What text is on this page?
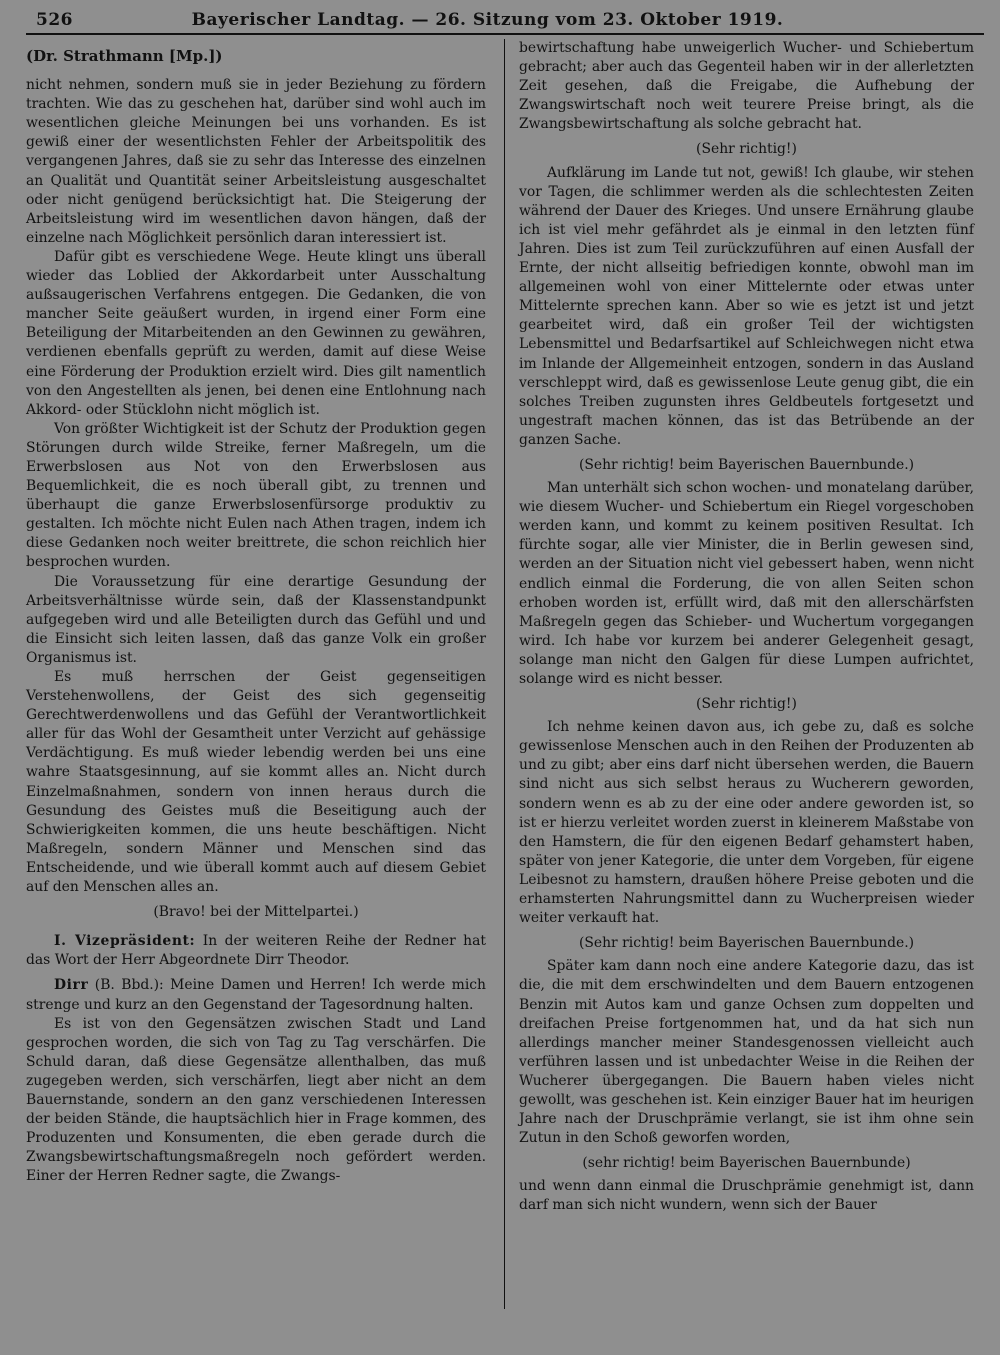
526	Bayerischer Landtag. — 26. Sitzung vom 23. Oktober 1919.
(Dr. Strathmann [Mp.])

nicht nehmen, sondern muß sie in jeder Beziehung zu fördern trachten. Wie das zu geschehen hat, darüber sind wohl auch im wesentlichen gleiche Meinungen bei uns vorhanden. Es ist gewiß einer der wesentlichsten Fehler der Arbeitspolitik des vergangenen Jahres, daß sie zu sehr das Interesse des einzelnen an Qualität und Quantität seiner Arbeitsleistung ausgeschaltet oder nicht genügend berücksichtigt hat. Die Steigerung der Arbeitsleistung wird im wesentlichen davon hängen, daß der einzelne nach Möglichkeit persönlich daran interessiert ist.

Dafür gibt es verschiedene Wege. Heute klingt uns überall wieder das Loblied der Akkordarbeit unter Ausschaltung außsaugerischen Verfahrens entgegen. Die Gedanken, die von mancher Seite geäußert wurden, in irgend einer Form eine Beteiligung der Mitarbeitenden an den Gewinnen zu gewähren, verdienen ebenfalls geprüft zu werden, damit auf diese Weise eine Förderung der Produktion erzielt wird. Dies gilt namentlich von den Angestellten als jenen, bei denen eine Entlohnung nach Akkord- oder Stücklohn nicht möglich ist.

Von größter Wichtigkeit ist der Schutz der Produktion gegen Störungen durch wilde Streike, ferner Maßregeln, um die Erwerbslosen aus Not von den Erwerbslosen aus Bequemlichkeit, die es noch überall gibt, zu trennen und überhaupt die ganze Erwerbslosenfürsorge produktiv zu gestalten. Ich möchte nicht Eulen nach Athen tragen, indem ich diese Gedanken noch weiter breittrete, die schon reichlich hier besprochen wurden.

Die Voraussetzung für eine derartige Gesundung der Arbeitsverhältnisse würde sein, daß der Klassenstandpunkt aufgegeben wird und alle Beteiligten durch das Gefühl und und die Einsicht sich leiten lassen, daß das ganze Volk ein großer Organismus ist.

Es muß herrschen der Geist gegenseitigen Verstehenwollens, der Geist des sich gegenseitig Gerechtwerdenwollens und das Gefühl der Verantwortlichkeit aller für das Wohl der Gesamtheit unter Verzicht auf gehässige Verdächtigung. Es muß wieder lebendig werden bei uns eine wahre Staatsgesinnung, auf sie kommt alles an. Nicht durch Einzelmaßnahmen, sondern von innen heraus durch die Gesundung des Geistes muß die Beseitigung auch der Schwierigkeiten kommen, die uns heute beschäftigen. Nicht Maßregeln, sondern Männer und Menschen sind das Entscheidende, und wie überall kommt auch auf diesem Gebiet auf den Menschen alles an.

(Bravo! bei der Mittelpartei.)

I. Vizepräsident: In der weiteren Reihe der Redner hat das Wort der Herr Abgeordnete Dirr Theodor.

Dirr (B. Bbd.): Meine Damen und Herren! Ich werde mich strenge und kurz an den Gegenstand der Tagesordnung halten.

Es ist von den Gegensätzen zwischen Stadt und Land gesprochen worden, die sich von Tag zu Tag verschärfen. Die Schuld daran, daß diese Gegensätze allenthalben, das muß zugegeben werden, sich verschärfen, liegt aber nicht an dem Bauernstande, sondern an den ganz verschiedenen Interessen der beiden Stände, die hauptsächlich hier in Frage kommen, des Produzenten und Konsumenten, die eben gerade durch die Zwangsbewirtschaftungsmaßregeln noch gefördert werden. Einer der Herren Redner sagte, die Zwangs-

bewirtschaftung habe unweigerlich Wucher- und Schiebertum gebracht; aber auch das Gegenteil haben wir in der allerletzten Zeit gesehen, daß die Freigabe, die Aufhebung der Zwangswirtschaft noch weit teurere Preise bringt, als die Zwangsbewirtschaftung als solche gebracht hat.

(Sehr richtig!)

Aufklärung im Lande tut not, gewiß! Ich glaube, wir stehen vor Tagen, die schlimmer werden als die schlechtesten Zeiten während der Dauer des Krieges. Und unsere Ernährung glaube ich ist viel mehr gefährdet als je einmal in den letzten fünf Jahren. Dies ist zum Teil zurückzuführen auf einen Ausfall der Ernte, der nicht allseitig befriedigen konnte, obwohl man im allgemeinen wohl von einer Mittelernte oder etwas unter Mittelernte sprechen kann. Aber so wie es jetzt ist und jetzt gearbeitet wird, daß ein großer Teil der wichtigsten Lebensmittel und Bedarfsartikel auf Schleichwegen nicht etwa im Inlande der Allgemeinheit entzogen, sondern in das Ausland verschleppt wird, daß es gewissenlose Leute genug gibt, die ein solches Treiben zugunsten ihres Geldbeutels fortgesetzt und ungestraft machen können, das ist das Betrübende an der ganzen Sache.

(Sehr richtig! beim Bayerischen Bauernbunde.)

Man unterhält sich schon wochen- und monatelang darüber, wie diesem Wucher- und Schiebertum ein Riegel vorgeschoben werden kann, und kommt zu keinem positiven Resultat. Ich fürchte sogar, alle vier Minister, die in Berlin gewesen sind, werden an der Situation nicht viel gebessert haben, wenn nicht endlich einmal die Forderung, die von allen Seiten schon erhoben worden ist, erfüllt wird, daß mit den allerschärfsten Maßregeln gegen das Schieber- und Wuchertum vorgegangen wird. Ich habe vor kurzem bei anderer Gelegenheit gesagt, solange man nicht den Galgen für diese Lumpen aufrichtet, solange wird es nicht besser.

(Sehr richtig!)

Ich nehme keinen davon aus, ich gebe zu, daß es solche gewissenlose Menschen auch in den Reihen der Produzenten ab und zu gibt; aber eins darf nicht übersehen werden, die Bauern sind nicht aus sich selbst heraus zu Wucherern geworden, sondern wenn es ab zu der eine oder andere geworden ist, so ist er hierzu verleitet worden zuerst in kleinerem Maßstabe von den Hamstern, die für den eigenen Bedarf gehamstert haben, später von jener Kategorie, die unter dem Vorgeben, für eigene Leibesnot zu hamstern, draußen höhere Preise geboten und die erhamsterten Nahrungsmittel dann zu Wucherpreisen wieder weiter verkauft hat.

(Sehr richtig! beim Bayerischen Bauernbunde.)

Später kam dann noch eine andere Kategorie dazu, das ist die, die mit dem erschwindelten und dem Bauern entzogenen Benzin mit Autos kam und ganze Ochsen zum doppelten und dreifachen Preise fortgenommen hat, und da hat sich nun allerdings mancher meiner Standesgenossen vielleicht auch verführen lassen und ist unbedachter Weise in die Reihen der Wucherer übergegangen. Die Bauern haben vieles nicht gewollt, was geschehen ist. Kein einziger Bauer hat im heurigen Jahre nach der Druschprämie verlangt, sie ist ihm ohne sein Zutun in den Schoß geworfen worden,

(sehr richtig! beim Bayerischen Bauernbunde)

und wenn dann einmal die Druschprämie genehmigt ist, dann darf man sich nicht wundern, wenn sich der Bauer
